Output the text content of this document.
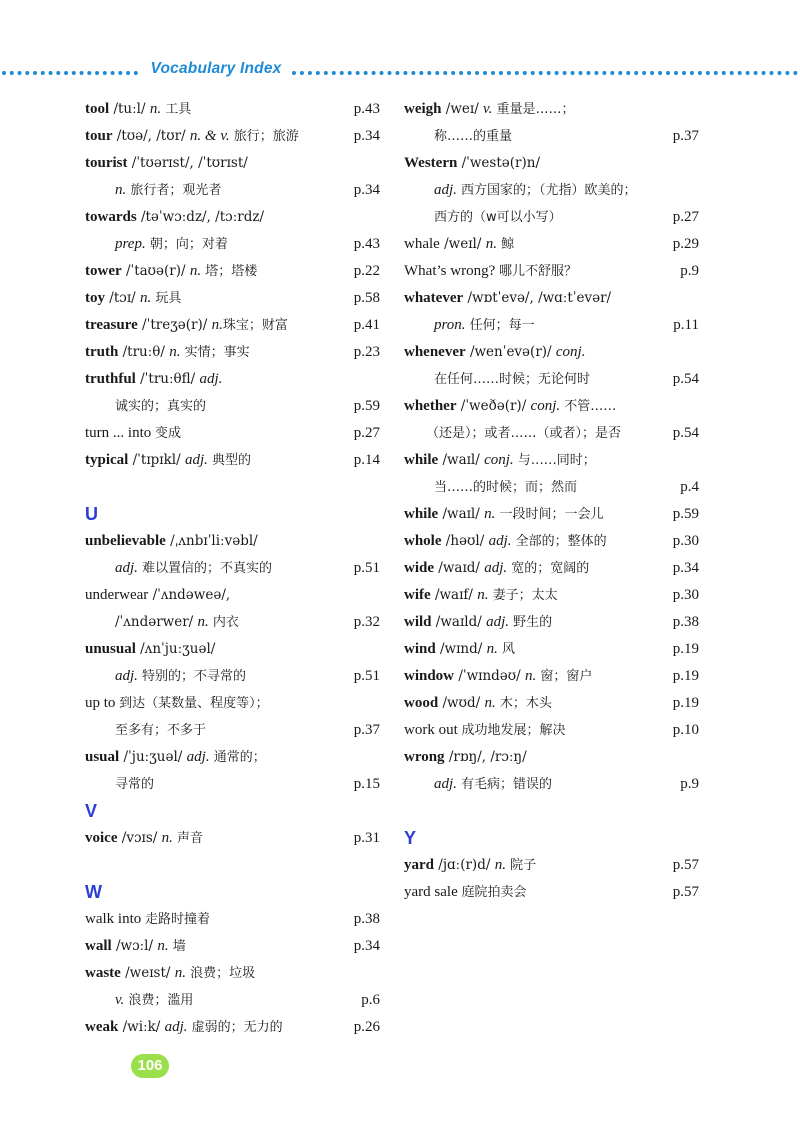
Vocabulary Index
tool /tuːl/ n. 工具	p.43
tour /tʊə/, /tʊr/ n. & v. 旅行；旅游	p.34
tourist /ˈtʊərɪst/, /ˈtʊrɪst/
n. 旅行者；观光者	p.34
towards /təˈwɔːdz/, /tɔːrdz/
prep. 朝；向；对着	p.43
tower /ˈtaʊə(r)/ n. 塔；塔楼	p.22
toy /tɔɪ/ n. 玩具	p.58
treasure /ˈtreʒə(r)/ n.珠宝；财富	p.41
truth /truːθ/ n. 实情；事实	p.23
truthful /ˈtruːθfl/ adj.
诚实的；真实的	p.59
turn ... into 变成	p.27
typical /ˈtɪpɪkl/ adj. 典型的	p.14
U
unbelievable /ˌʌnbɪˈliːvəbl/
adj. 难以置信的；不真实的	p.51
underwear /ˈʌndəweə/,
/ˈʌndərwer/ n. 内衣	p.32
unusual /ʌnˈjuːʒuəl/
adj. 特别的；不寻常的	p.51
up to 到达（某数量、程度等）；
至多有；不多于	p.37
usual /ˈjuːʒuəl/ adj. 通常的；
寻常的	p.15
V
voice /vɔɪs/ n. 声音	p.31
W
walk into 走路时撞着	p.38
wall /wɔːl/ n. 墙	p.34
waste /weɪst/ n. 浪费；垃圾
v. 浪费；滥用	p.6
weak /wiːk/ adj. 虚弱的；无力的	p.26
weigh /weɪ/ v. 重量是……；
称……的重量	p.37
Western /ˈwestə(r)n/
adj. 西方国家的；（尤指）欧美的；
西方的（w可以小写）	p.27
whale /weɪl/ n. 鲸	p.29
What’s wrong? 哪儿不舒服？	p.9
whatever /wɒtˈevə/, /wɑːtˈevər/
pron. 任何；每一	p.11
whenever /wenˈevə(r)/ conj.
在任何……时候；无论何时	p.54
whether /ˈweðə(r)/ conj. 不管……
（还是）；或者……（或者）；是否	p.54
while /waɪl/ conj. 与……同时；
当……的时候；而；然而	p.4
while /waɪl/ n. 一段时间；一会儿	p.59
whole /həʊl/ adj. 全部的；整体的	p.30
wide /waɪd/ adj. 宽的；宽阔的	p.34
wife /waɪf/ n. 妻子；太太	p.30
wild /waɪld/ adj. 野生的	p.38
wind /wɪnd/ n. 风	p.19
window /ˈwɪndəʊ/ n. 窗；窗户	p.19
wood /wʊd/ n. 木；木头	p.19
work out 成功地发展；解决	p.10
wrong /rɒŋ/, /rɔːŋ/
adj. 有毛病；错误的	p.9
Y
yard /jɑː(r)d/ n. 院子	p.57
yard sale 庭院拍卖会	p.57
106
